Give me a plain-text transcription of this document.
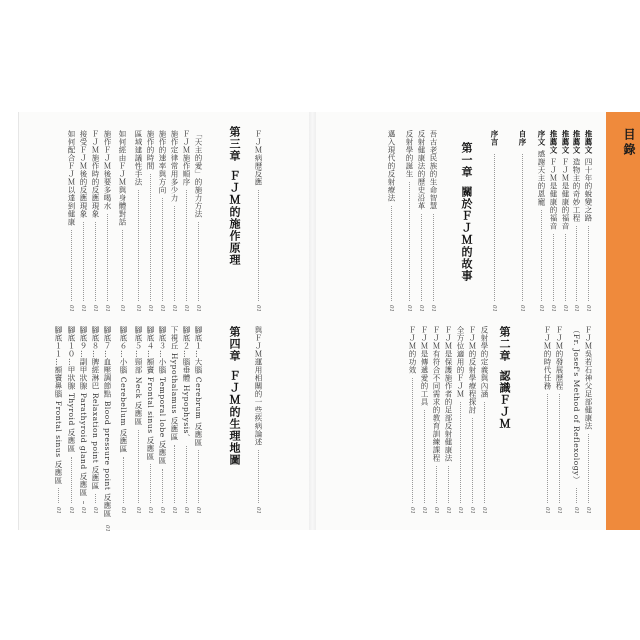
目錄
第一章關於ＦＪＭ的故事
第二章認識ＦＪＭ
第三章ＦＪＭ的施作原理
第四章ＦＪＭ的生理地圖
推薦文
四十年的蛻變之路
01
推薦文
造物主的奇妙工程
01
推薦文
ＦＪＭ是健康的福音
01
推薦文
ＦＪＭ是健康的福音
01
序文
感謝天主的恩寵
01
自序
01
序言
01
吾古老民族的生命智慧
01
反射健康法的歷史沿革
01
反射學的誕生
01
邁入現代的反射療法
01
ＦＪＭ吳若石神父足部健康法
01
（Fr. Josef's Method of Reflexology）
01
ＦＪＭ的發展歷程
01
ＦＪＭ的時代任務
01
反射學的定義與內涵
01
ＦＪＭ的反射學療程探討
01
全方位適用的ＦＪＭ
01
ＦＪＭ是保護施作者的足部反射健康法
01
ＦＪＭ有符合不同需求的教育訓練課程
01
ＦＪＭ是傳遞愛的工具
01
ＦＪＭ的功效
01
ＦＪＭ病歷反應
01
「天主的愛」的施力方法
01
ＦＪＭ施作順序
01
施作定律常用多少力
01
施作的速率與方向
01
施作的時間
01
區域建議性手法
01
如何經由ＦＪＭ與身體對話
01
施作ＦＪＭ後要多喝水
01
ＦＪＭ施作時的反應現象
01
接受ＦＪＭ後的反應現象
01
如何配合ＦＪＭ以達到健康
01
與ＦＪＭ運用相關的一些疾病論述
01
腳底１…大腦 Cerebrum 反應區
01
腳底２…腦垂體 Hypophysis、
01
下視丘 Hypothalamus 反應區
01
腳底３…小腦 Temporal lobe 反應區
01
腳底４…額竇 Frontal sinus 反應區
01
腳底５…頸部 Neck 反應區
01
腳底６…小腦 Cerebellum 反應區
01
腳底７…血壓調節點 Blood pressure point 反應區
01
腳底８…脾經淋巴 Relaxation point 反應區
01
腳底９…副甲狀腺 Parathyroid gland 反應區
01
腳底１０…甲狀腺 Thyroid 反應區
01
腳底１１…額竇鼻腦 Frontal sinus 反應區
01
